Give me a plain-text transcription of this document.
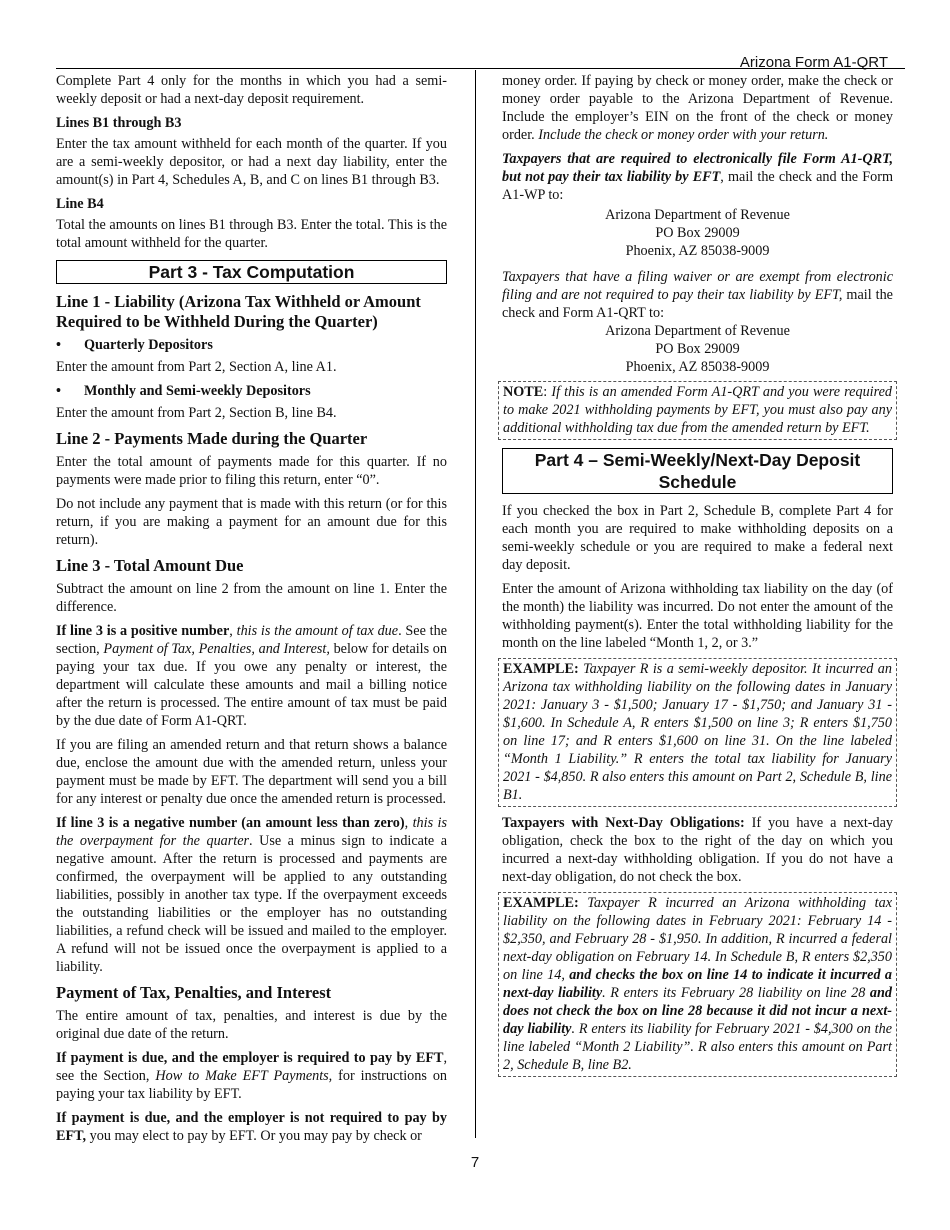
Arizona Form A1-QRT

Complete Part 4 only for the months in which you had a semi-weekly deposit or had a next-day deposit requirement.

Lines B1 through B3

Enter the tax amount withheld for each month of the quarter. If you are a semi-weekly depositor, or had a next day liability, enter the amount(s) in Part 4, Schedules A, B, and C on lines B1 through B3.

Line B4

Total the amounts on lines B1 through B3. Enter the total. This is the total amount withheld for the quarter.

Part 3 - Tax Computation
Line 1 - Liability (Arizona Tax Withheld or Amount Required to be Withheld During the Quarter)
•	Quarterly Depositors

Enter the amount from Part 2, Section A, line A1.

•	Monthly and Semi-weekly Depositors

Enter the amount from Part 2, Section B, line B4.

Line 2 - Payments Made during the Quarter

Enter the total amount of payments made for this quarter. If no payments were made prior to filing this return, enter “0”.

Do not include any payment that is made with this return (or for this return, if you are making a payment for an amount due for this return).

Line 3 - Total Amount Due

Subtract the amount on line 2 from the amount on line 1. Enter the difference.

If line 3 is a positive number, this is the amount of tax due. See the section, Payment of Tax, Penalties, and Interest, below for details on paying your tax due. If you owe any penalty or interest, the department will calculate these amounts and mail a billing notice after the return is processed. The entire amount of tax must be paid by the due date of Form A1-QRT.

If you are filing an amended return and that return shows a balance due, enclose the amount due with the amended return, unless your payment must be made by EFT. The department will send you a bill for any interest or penalty due once the amended return is processed.

If line 3 is a negative number (an amount less than zero), this is the overpayment for the quarter. Use a minus sign to indicate a negative amount. After the return is processed and payments are confirmed, the overpayment will be applied to any outstanding liabilities, possibly in another tax type. If the overpayment exceeds the outstanding liabilities or the employer has no outstanding liabilities, a refund check will be issued and mailed to the employer. A refund will not be issued once the overpayment is applied to a liability.

Payment of Tax, Penalties, and Interest

The entire amount of tax, penalties, and interest is due by the original due date of the return.

If payment is due, and the employer is required to pay by EFT, see the Section, How to Make EFT Payments, for instructions on paying your tax liability by EFT.

If payment is due, and the employer is not required to pay by EFT, you may elect to pay by EFT. Or you may pay by check or

money order. If paying by check or money order, make the check or money order payable to the Arizona Department of Revenue. Include the employer’s EIN on the front of the check or money order. Include the check or money order with your return.

Taxpayers that are required to electronically file Form A1-QRT, but not pay their tax liability by EFT, mail the check and the Form A1-WP to:

Arizona Department of Revenue

PO Box 29009

Phoenix, AZ 85038-9009

Taxpayers that have a filing waiver or are exempt from electronic filing and are not required to pay their tax liability by EFT, mail the check and Form A1-QRT to:

Arizona Department of Revenue

PO Box 29009

Phoenix, AZ 85038-9009

NOTE: If this is an amended Form A1-QRT and you were required to make 2021 withholding payments by EFT, you must also pay any additional withholding tax due from the amended return by EFT.
Part 4 – Semi-Weekly/Next-Day Deposit Schedule

If you checked the box in Part 2, Schedule B, complete Part 4 for each month you are required to make withholding deposits on a semi-weekly schedule or you are required to make a federal next day deposit.

Enter the amount of Arizona withholding tax liability on the day (of the month) the liability was incurred. Do not enter the amount of the withholding payment(s). Enter the total withholding liability for the month on the line labeled “Month 1, 2, or 3.”

EXAMPLE: Taxpayer R is a semi-weekly depositor. It incurred an Arizona tax withholding liability on the following dates in January 2021: January 3 - $1,500; January 17 - $1,750; and January 31 - $1,600. In Schedule A, R enters $1,500 on line 3; R enters $1,750 on line 17; and R enters $1,600 on line 31. On the line labeled “Month 1 Liability.” R enters the total tax liability for January 2021 - $4,850. R also enters this amount on Part 2, Schedule B, line B1.

Taxpayers with Next-Day Obligations: If you have a next-day obligation, check the box to the right of the day on which you incurred a next-day withholding obligation. If you do not have a next-day obligation, do not check the box.

EXAMPLE: Taxpayer R incurred an Arizona withholding tax liability on the following dates in February 2021: February 14 - $2,350, and February 28 - $1,950. In addition, R incurred a federal next-day obligation on February 14. In Schedule B, R enters $2,350 on line 14, and checks the box on line 14 to indicate it incurred a next-day liability. R enters its February 28 liability on line 28 and does not check the box on line 28 because it did not incur a next-day liability. R enters its liability for February 2021 - $4,300 on the line labeled “Month 2 Liability”. R also enters this amount on Part 2, Schedule B, line B2.
7
